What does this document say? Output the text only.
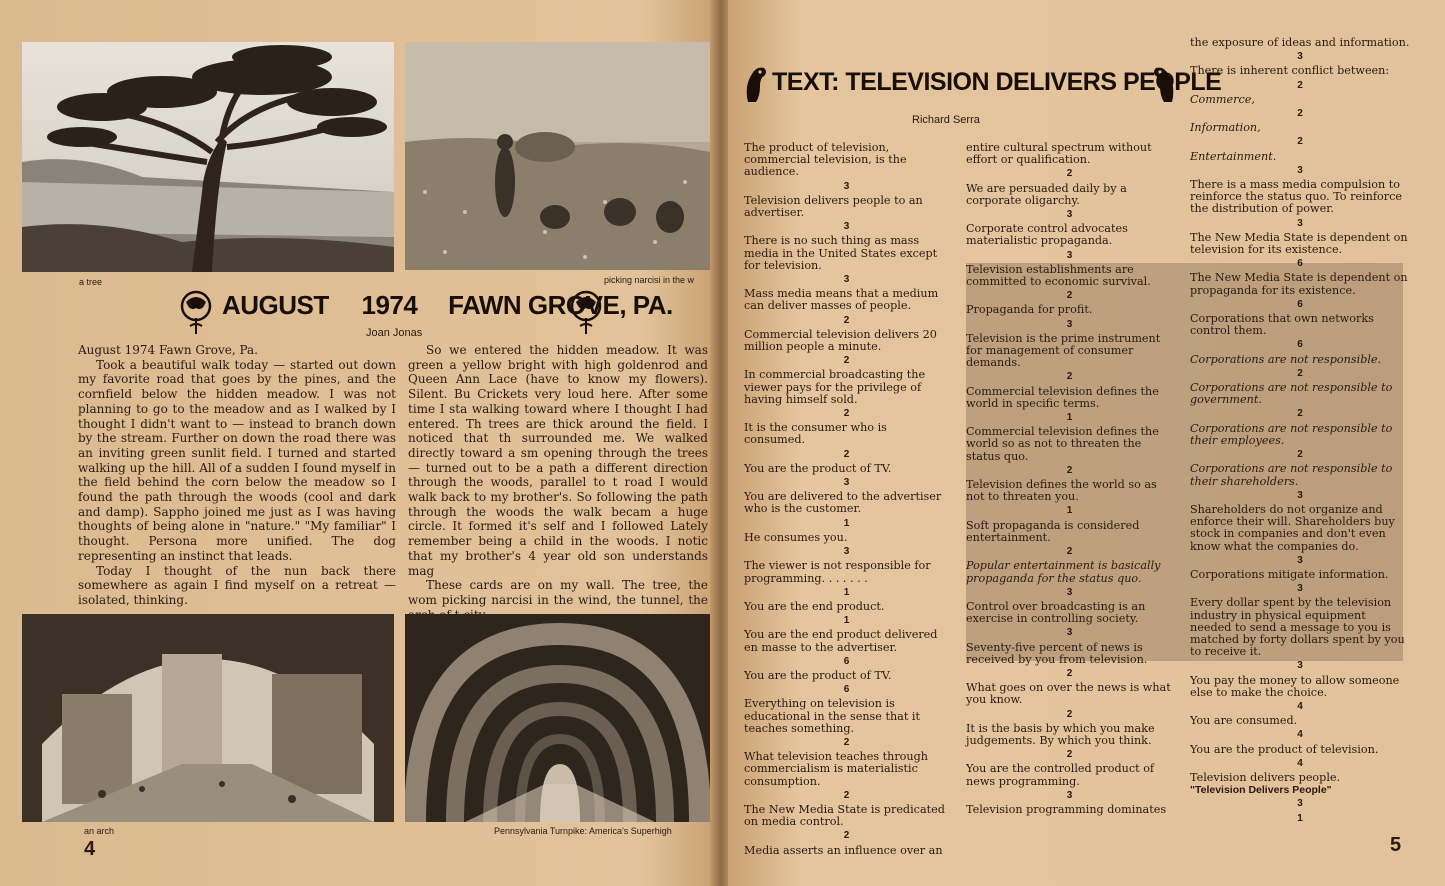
a tree	picking narcisi in the w
AUGUST 1974 FAWN GROVE, PA.
Joan Jonas

August 1974 Fawn Grove, Pa.

Took a beautiful walk today — started out down my favorite road that goes by the pines, and the cornfield below the hidden meadow. I was not planning to go to the meadow and as I walked by I thought I didn't want to — instead to branch down by the stream. Further on down the road there was an inviting green sunlit field. I turned and started walking up the hill. All of a sudden I found myself in the field behind the corn below the meadow so I found the path through the woods (cool and dark and damp). Sappho joined me just as I was having thoughts of being alone in "nature." "My familiar" I thought. Persona more unified. The dog representing an instinct that leads.

Today I thought of the nun back there somewhere as again I find myself on a retreat — isolated, thinking.

So we entered the hidden meadow. It was green a yellow bright with high goldenrod and Queen Ann Lace (have to know my flowers). Silent. Bu Crickets very loud here. After some time I sta walking toward where I thought I had entered. Th trees are thick around the field. I noticed that th surrounded me. We walked directly toward a sm opening through the trees — turned out to be a path a different direction through the woods, parallel to t road I would walk back to my brother's. So following the path through the woods the walk becam a huge circle. It formed it's self and I followed Lately remember being a child in the woods. I notic that my brother's 4 year old son understands mag

These cards are on my wall. The tree, the wom picking narcisi in the wind, the tunnel, the

an arch	Pennsylvania Turnpike: America's Superhigh
4
TEXT: TELEVISION DELIVERS PEOPLE
Richard Serra

The product of television, commercial television, is the audience.

3

Television delivers people to an advertiser.

3

There is no such thing as mass media in the United States except for television.

3

Mass media means that a medium can deliver masses of people.

2

Commercial television delivers 20 million people a minute.

2

In commercial broadcasting the viewer pays for the privilege of having himself sold.

2

It is the consumer who is consumed.

2

You are the product of TV.

3

You are delivered to the advertiser who is the customer.

1

He consumes you.

3

The viewer is not responsible for programming. . . . . . .

1

You are the end product.

1

You are the end product delivered en masse to the advertiser.

6

You are the product of TV.

6

Everything on television is educational in the sense that it teaches something.

2

What television teaches through commercialism is materialistic consumption.

2

The New Media State is predicated on media control.

2

Media asserts an influence over an

entire cultural spectrum without effort or qualification.

2

We are persuaded daily by a corporate oligarchy.

3

Corporate control advocates materialistic propaganda.

3

Television establishments are committed to economic survival.

2

Propaganda for profit.

3

Television is the prime instrument for management of consumer demands.

2

Commercial television defines the world in specific terms.

1

Commercial television defines the world so as not to threaten the status quo.

2

Television defines the world so as not to threaten you.

1

Soft propaganda is considered entertainment.

2

Popular entertainment is basically propaganda for the status quo.

3

Control over broadcasting is an exercise in controlling society.

3

Seventy-five percent of news is received by you from television.

2

What goes on over the news is what you know.

2

It is the basis by which you make judgements. By which you think.

2

You are the controlled product of news programming.

3

Television programming dominates

the exposure of ideas and information.

3

There is inherent conflict between:

2

Commerce,

2

Information,

2

Entertainment.

3

There is a mass media compulsion to reinforce the status quo. To reinforce the distribution of power.

3

The New Media State is dependent on television for its existence.

6

The New Media State is dependent on propaganda for its existence.

6

Corporations that own networks control them.

6

Corporations are not responsible.

2

Corporations are not responsible to government.

2

Corporations are not responsible to their employees.

2

Corporations are not responsible to their shareholders.

3

Shareholders do not organize and enforce their will. Shareholders buy stock in companies and don't even know what the companies do.

3

Corporations mitigate information.

3

Every dollar spent by the television industry in physical equipment needed to send a message to you is matched by forty dollars spent by you to receive it.

3

You pay the money to allow someone else to make the choice.

4

You are consumed.

4

You are the product of television.

4

Television delivers people.

"Television Delivers People"

3

1

5
